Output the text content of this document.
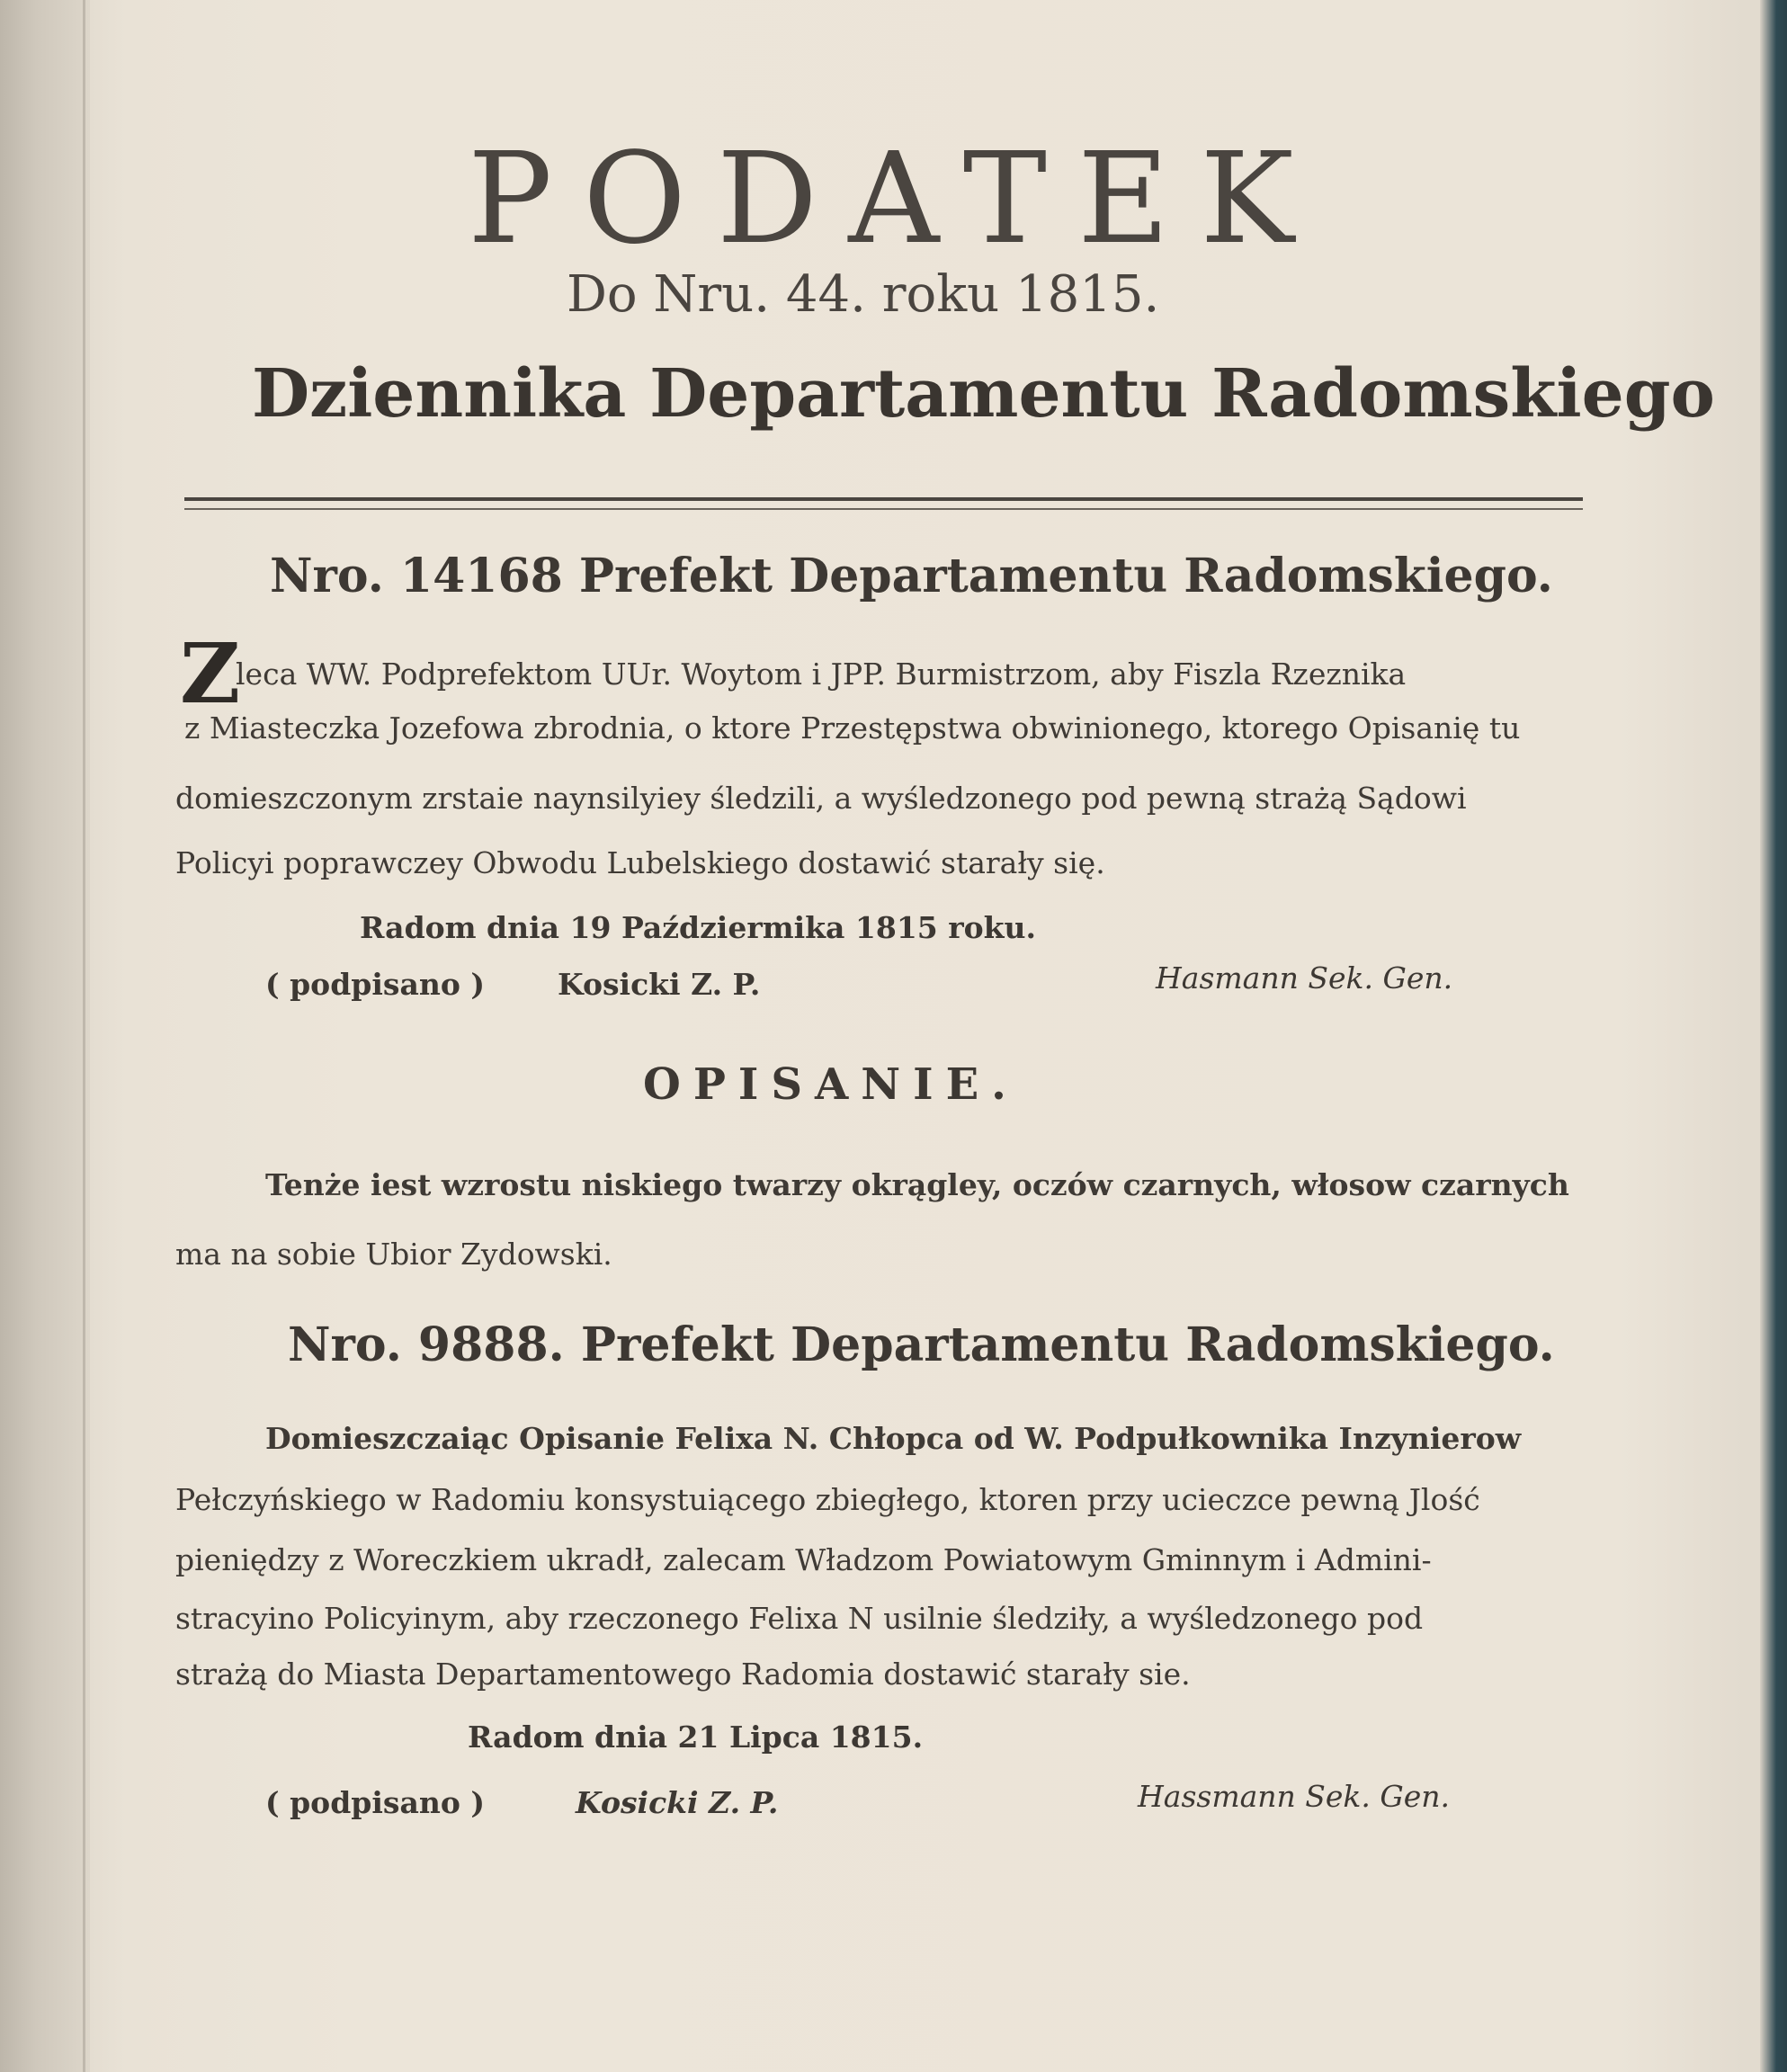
PODATEK
Do Nru. 44. roku 1815.
Dziennika Departamentu Radomskiego
Nro. 14168 Prefekt Departamentu Radomskiego.
Z
leca WW. Podprefektom UUr. Woytom i JPP. Burmistrzom, aby Fiszla Rzeznika
z Miasteczka Jozefowa zbrodnia, o ktore Przestępstwa obwinionego, ktorego Opisanię tu
domieszczonym zrstaie naynsilyiey śledzili, a wyśledzonego pod pewną strażą Sądowi
Policyi poprawczey Obwodu Lubelskiego dostawić starały się.
Radom dnia 19 Paździermika 1815 roku.
( podpisano ) Kosicki Z. P.	Hasmann Sek. Gen.
OPISANIE.
Tenże iest wzrostu niskiego twarzy okrągley, oczów czarnych, włosow czarnych
ma na sobie Ubior Zydowski.
Nro. 9888. Prefekt Departamentu Radomskiego.
Domieszczaiąc Opisanie Felixa N. Chłopca od W. Podpułkownika Inzynierow
Pełczyńskiego w Radomiu konsystuiącego zbiegłego, ktoren przy ucieczce pewną Jlość
pieniędzy z Woreczkiem ukradł, zalecam Władzom Powiatowym Gminnym i Admini-
stracyino Policyinym, aby rzeczonego Felixa N usilnie śledziły, a wyśledzonego pod
strażą do Miasta Departamentowego Radomia dostawić starały sie.
Radom dnia 21 Lipca 1815.
( podpisano )	Kosicki Z. P.	Hassmann Sek. Gen.
